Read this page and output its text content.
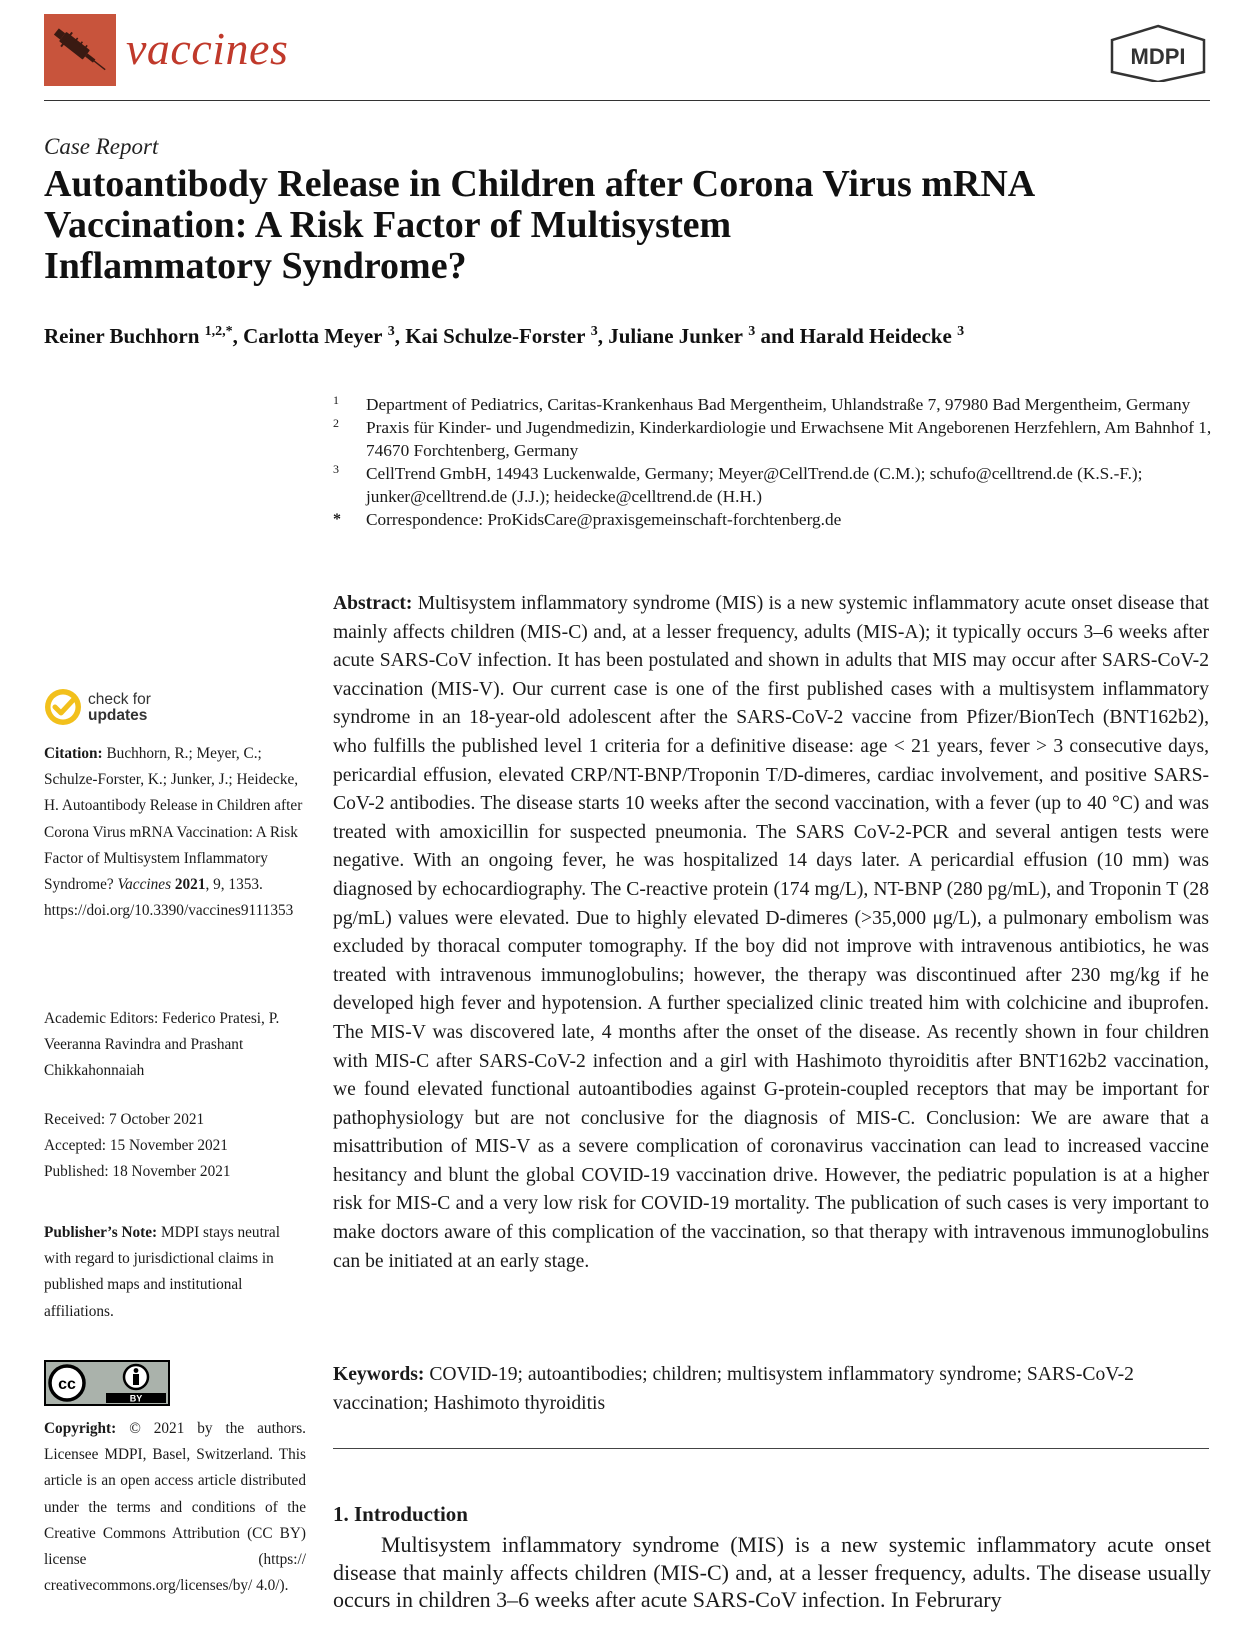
vaccines	MDPI
Case Report
Autoantibody Release in Children after Corona Virus mRNA
Vaccination: A Risk Factor of Multisystem
Inflammatory Syndrome?
Reiner Buchhorn $^{1,2,*}$, Carlotta Meyer $^3$, Kai Schulze-Forster $^3$, Juliane Junker $^3$ and Harald Heidecke $^3$
1 Department of Pediatrics, Caritas-Krankenhaus Bad Mergentheim, Uhlandstraße 7, 97980 Bad Mergentheim, Germany
2 Praxis für Kinder- und Jugendmedizin, Kinderkardiologie und Erwachsene Mit Angeborenen Herzfehlern, Am Bahnhof 1, 74670 Forchtenberg, Germany
3 CellTrend GmbH, 14943 Luckenwalde, Germany; Meyer@CellTrend.de (C.M.); schufo@celltrend.de (K.S.-F.); junker@celltrend.de (J.J.); heidecke@celltrend.de (H.H.)
* Correspondence: ProKidsCare@praxisgemeinschaft-forchtenberg.de
Abstract: Multisystem inflammatory syndrome (MIS) is a new systemic inflammatory acute onset disease that mainly affects children (MIS-C) and, at a lesser frequency, adults (MIS-A); it typically occurs 3–6 weeks after acute SARS-CoV infection. It has been postulated and shown in adults that MIS may occur after SARS-CoV-2 vaccination (MIS-V). Our current case is one of the first published cases with a multisystem inflammatory syndrome in an 18-year-old adolescent after the SARS-CoV-2 vaccine from Pfizer/BionTech (BNT162b2), who fulfills the published level 1 criteria for a definitive disease: age < 21 years, fever > 3 consecutive days, pericardial effusion, elevated CRP/NT-BNP/Troponin T/D-dimeres, cardiac involvement, and positive SARS-CoV-2 antibodies. The disease starts 10 weeks after the second vaccination, with a fever (up to 40 °C) and was treated with amoxicillin for suspected pneumonia. The SARS CoV-2-PCR and several antigen tests were negative. With an ongoing fever, he was hospitalized 14 days later. A pericardial effusion (10 mm) was diagnosed by echocardiography. The C-reactive protein (174 mg/L), NT-BNP (280 pg/mL), and Troponin T (28 pg/mL) values were elevated. Due to highly elevated D-dimeres (>35,000 μg/L), a pulmonary embolism was excluded by thoracal computer tomography. If the boy did not improve with intravenous antibiotics, he was treated with intravenous immunoglobulins; however, the therapy was discontinued after 230 mg/kg if he developed high fever and hypotension. A further specialized clinic treated him with colchicine and ibuprofen. The MIS-V was discovered late, 4 months after the onset of the disease. As recently shown in four children with MIS-C after SARS-CoV-2 infection and a girl with Hashimoto thyroiditis after BNT162b2 vaccination, we found elevated functional autoantibodies against G-protein-coupled receptors that may be important for pathophysiology but are not conclusive for the diagnosis of MIS-C. Conclusion: We are aware that a misattribution of MIS-V as a severe complication of coronavirus vaccination can lead to increased vaccine hesitancy and blunt the global COVID-19 vaccination drive. However, the pediatric population is at a higher risk for MIS-C and a very low risk for COVID-19 mortality. The publication of such cases is very important to make doctors aware of this complication of the vaccination, so that therapy with intravenous immunoglobulins can be initiated at an early stage.
Keywords: COVID-19; autoantibodies; children; multisystem inflammatory syndrome; SARS-CoV-2 vaccination; Hashimoto thyroiditis
1. Introduction
Multisystem inflammatory syndrome (MIS) is a new systemic inflammatory acute onset disease that mainly affects children (MIS-C) and, at a lesser frequency, adults. The disease usually occurs in children 3–6 weeks after acute SARS-CoV infection. In Februrary
check for
updates
Citation: Buchhorn, R.; Meyer, C.; Schulze-Forster, K.; Junker, J.; Heidecke, H. Autoantibody Release in Children after Corona Virus mRNA Vaccination: A Risk Factor of Multisystem Inflammatory Syndrome? Vaccines 2021, 9, 1353. https://doi.org/10.3390/vaccines9111353
Academic Editors: Federico Pratesi, P. Veeranna Ravindra and Prashant Chikkahonnaiah
Received: 7 October 2021
Accepted: 15 November 2021
Published: 18 November 2021
Publisher’s Note: MDPI stays neutral with regard to jurisdictional claims in published maps and institutional affiliations.
cc
BY
Copyright: © 2021 by the authors. Licensee MDPI, Basel, Switzerland. This article is an open access article distributed under the terms and conditions of the Creative Commons Attribution (CC BY) license (https:// creativecommons.org/licenses/by/ 4.0/).
